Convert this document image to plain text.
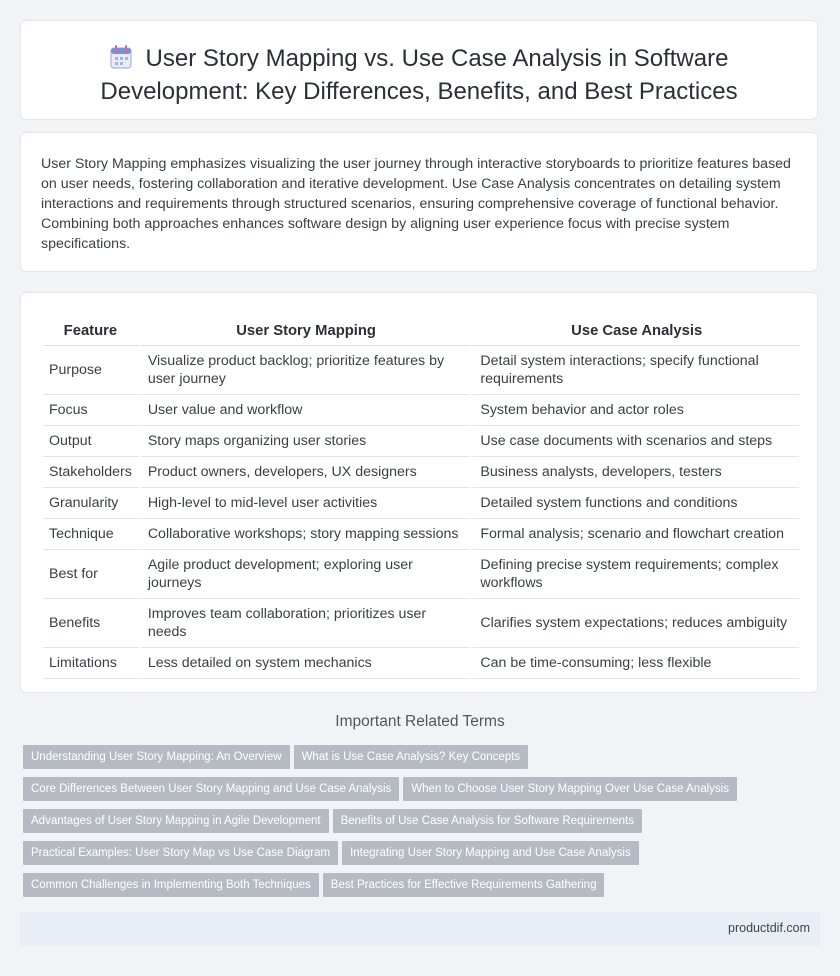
User Story Mapping vs. Use Case Analysis in Software
Development: Key Differences, Benefits, and Best Practices

User Story Mapping emphasizes visualizing the user journey through interactive storyboards to prioritize features based on user needs, fostering collaboration and iterative development. Use Case Analysis concentrates on detailing system interactions and requirements through structured scenarios, ensuring comprehensive coverage of functional behavior. Combining both approaches enhances software design by aligning user experience focus with precise system specifications.

Feature	User Story Mapping	Use Case Analysis
Purpose	Visualize product backlog; prioritize features by user journey	Detail system interactions; specify functional requirements
Focus	User value and workflow	System behavior and actor roles
Output	Story maps organizing user stories	Use case documents with scenarios and steps
Stakeholders	Product owners, developers, UX designers	Business analysts, developers, testers
Granularity	High-level to mid-level user activities	Detailed system functions and conditions
Technique	Collaborative workshops; story mapping sessions	Formal analysis; scenario and flowchart creation
Best for	Agile product development; exploring user journeys	Defining precise system requirements; complex workflows
Benefits	Improves team collaboration; prioritizes user needs	Clarifies system expectations; reduces ambiguity
Limitations	Less detailed on system mechanics	Can be time-consuming; less flexible
Important Related Terms
Understanding User Story Mapping: An Overview What is Use Case Analysis? Key Concepts
Core Differences Between User Story Mapping and Use Case Analysis When to Choose User Story Mapping Over Use Case Analysis
Advantages of User Story Mapping in Agile Development Benefits of Use Case Analysis for Software Requirements
Practical Examples: User Story Map vs Use Case Diagram Integrating User Story Mapping and Use Case Analysis
Common Challenges in Implementing Both Techniques Best Practices for Effective Requirements Gathering
productdif.com
